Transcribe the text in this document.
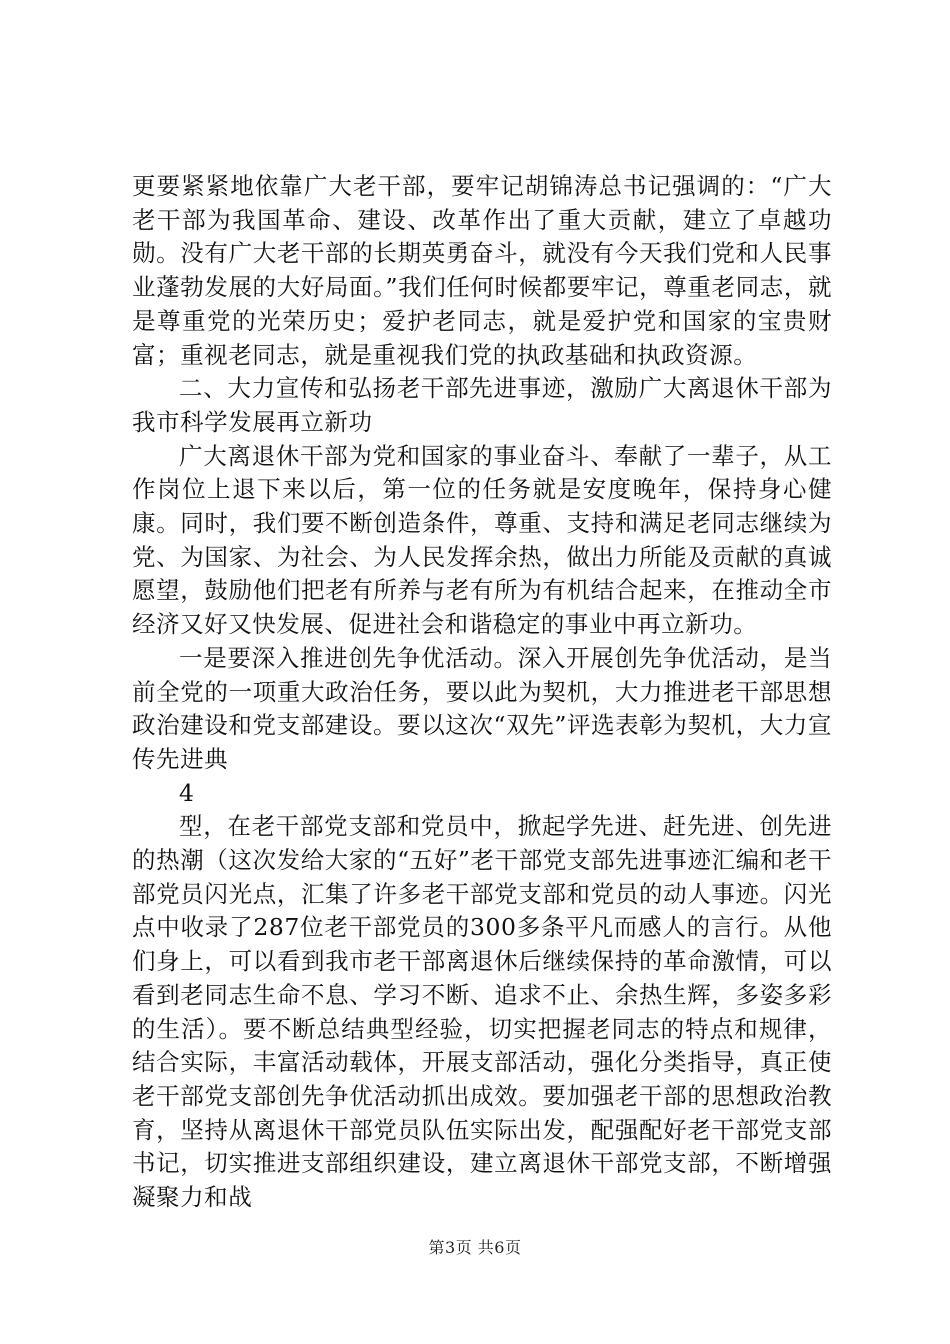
更要紧紧地依靠广大老干部，要牢记胡锦涛总书记强调的：“广大老干部为我国革命、建设、改革作出了重大贡献，建立了卓越功勋。没有广大老干部的长期英勇奋斗，就没有今天我们党和人民事业蓬勃发展的大好局面。”我们任何时候都要牢记，尊重老同志，就是尊重党的光荣历史；爱护老同志，就是爱护党和国家的宝贵财富；重视老同志，就是重视我们党的执政基础和执政资源。

二、大力宣传和弘扬老干部先进事迹，激励广大离退休干部为我市科学发展再立新功

广大离退休干部为党和国家的事业奋斗、奉献了一辈子，从工作岗位上退下来以后，第一位的任务就是安度晚年，保持身心健康。同时，我们要不断创造条件，尊重、支持和满足老同志继续为党、为国家、为社会、为人民发挥余热，做出力所能及贡献的真诚愿望，鼓励他们把老有所养与老有所为有机结合起来，在推动全市经济又好又快发展、促进社会和谐稳定的事业中再立新功。

一是要深入推进创先争优活动。深入开展创先争优活动，是当前全党的一项重大政治任务，要以此为契机，大力推进老干部思想政治建设和党支部建设。要以这次“双先”评选表彰为契机，大力宣传先进典

4

型，在老干部党支部和党员中，掀起学先进、赶先进、创先进的热潮（这次发给大家的“五好”老干部党支部先进事迹汇编和老干部党员闪光点，汇集了许多老干部党支部和党员的动人事迹。闪光点中收录了287位老干部党员的300多条平凡而感人的言行。从他们身上，可以看到我市老干部离退休后继续保持的革命激情，可以看到老同志生命不息、学习不断、追求不止、余热生辉，多姿多彩的生活）。要不断总结典型经验，切实把握老同志的特点和规律，结合实际，丰富活动载体，开展支部活动，强化分类指导，真正使老干部党支部创先争优活动抓出成效。要加强老干部的思想政治教育，坚持从离退休干部党员队伍实际出发，配强配好老干部党支部书记，切实推进支部组织建设，建立离退休干部党支部，不断增强凝聚力和战

第3页 共6页
